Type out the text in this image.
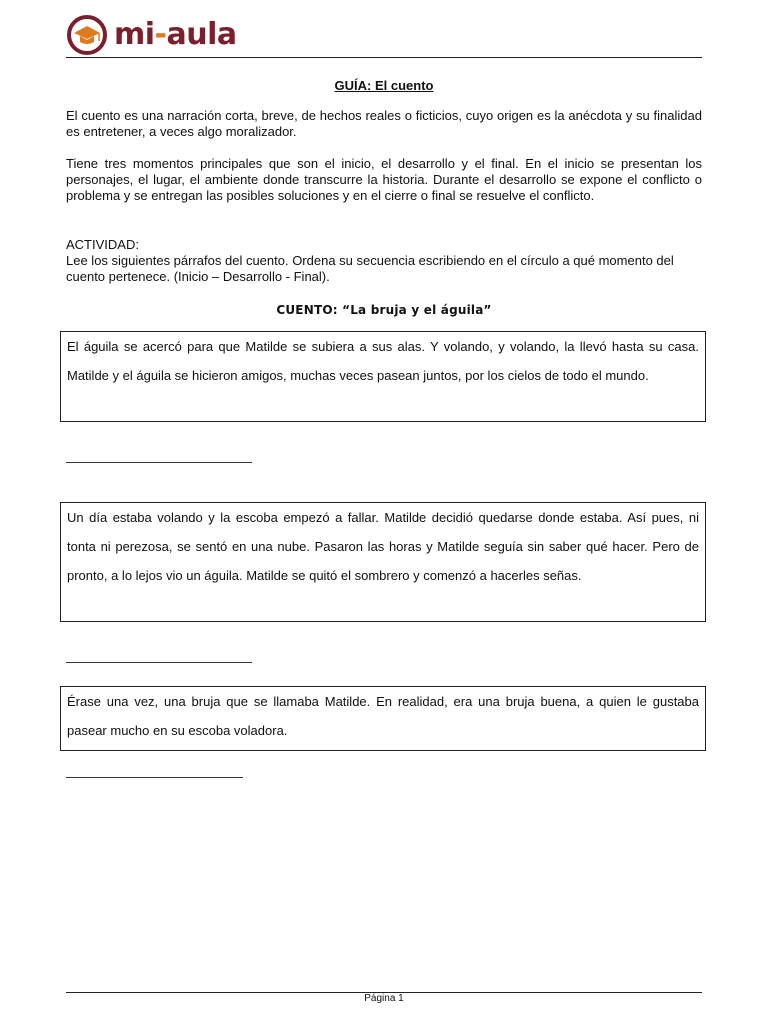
mi-aula
GUÍA: El cuento
El cuento es una narración corta, breve, de hechos reales o ficticios, cuyo origen es la anécdota y su finalidad es entretener, a veces algo moralizador.
Tiene tres momentos principales que son el inicio, el desarrollo y el final. En el inicio se presentan los personajes, el lugar, el ambiente donde transcurre la historia. Durante el desarrollo se expone el conflicto o problema y se entregan las posibles soluciones y en el cierre o final se resuelve el conflicto.
ACTIVIDAD:
Lee los siguientes párrafos del cuento. Ordena su secuencia escribiendo en el círculo a qué momento del cuento pertenece. (Inicio – Desarrollo - Final).
CUENTO: “La bruja y el águila”
El águila se acercó para que Matilde se subiera a sus alas. Y volando, y volando, la llevó hasta su casa. Matilde y el águila se hicieron amigos, muchas veces pasean juntos, por los cielos de todo el mundo.
Un día estaba volando y la escoba empezó a fallar. Matilde decidió quedarse donde estaba. Así pues, ni tonta ni perezosa, se sentó en una nube. Pasaron las horas y Matilde seguía sin saber qué hacer. Pero de pronto, a lo lejos vio un águila. Matilde se quitó el sombrero y comenzó a hacerles señas.
Érase una vez, una bruja que se llamaba Matilde. En realidad, era una bruja buena, a quien le gustaba pasear mucho en su escoba voladora.
Página 1
